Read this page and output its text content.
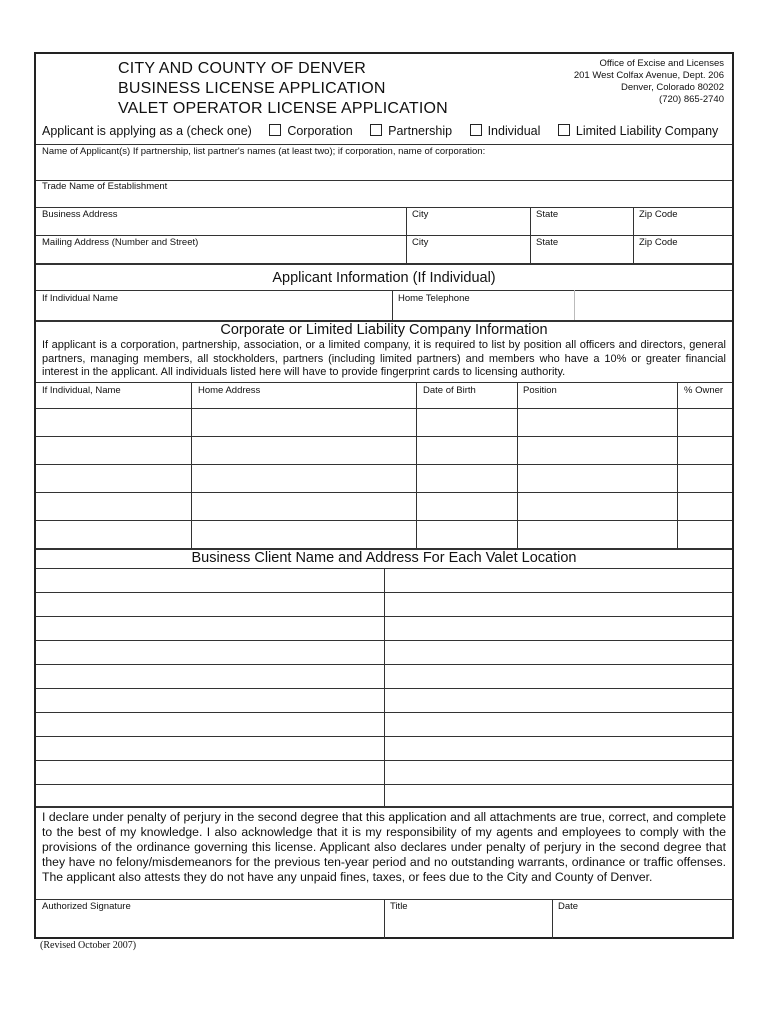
CITY AND COUNTY OF DENVER
BUSINESS LICENSE APPLICATION
VALET OPERATOR LICENSE APPLICATION
Office of Excise and Licenses
201 West Colfax Avenue, Dept. 206
Denver, Colorado 80202
(720) 865-2740
Applicant is applying as a (check one)	Corporation	Partnership	Individual	Limited Liability Company
Name of Applicant(s) If partnership, list partner's names (at least two); if corporation, name of corporation:
Trade Name of Establishment
Business Address	City	State	Zip Code
Mailing Address (Number and Street)	City	State	Zip Code
Applicant Information (If Individual)
If Individual Name	Home Telephone
Corporate or Limited Liability Company Information
If applicant is a corporation, partnership, association, or a limited company, it is required to list by position all officers and directors, general partners, managing members, all stockholders, partners (including limited partners) and members who have a 10% or greater financial interest in the applicant. All individuals listed here will have to provide fingerprint cards to licensing authority.
If Individual, Name	Home Address	Date of Birth	Position	% Owner
Business Client Name and Address For Each Valet Location
I declare under penalty of perjury in the second degree that this application and all attachments are true, correct, and complete to the best of my knowledge. I also acknowledge that it is my responsibility of my agents and employees to comply with the provisions of the ordinance governing this license. Applicant also declares under penalty of perjury in the second degree that they have no felony/misdemeanors for the previous ten-year period and no outstanding warrants, ordinance or traffic offenses. The applicant also attests they do not have any unpaid fines, taxes, or fees due to the City and County of Denver.
Authorized Signature	Title	Date
(Revised October 2007)
